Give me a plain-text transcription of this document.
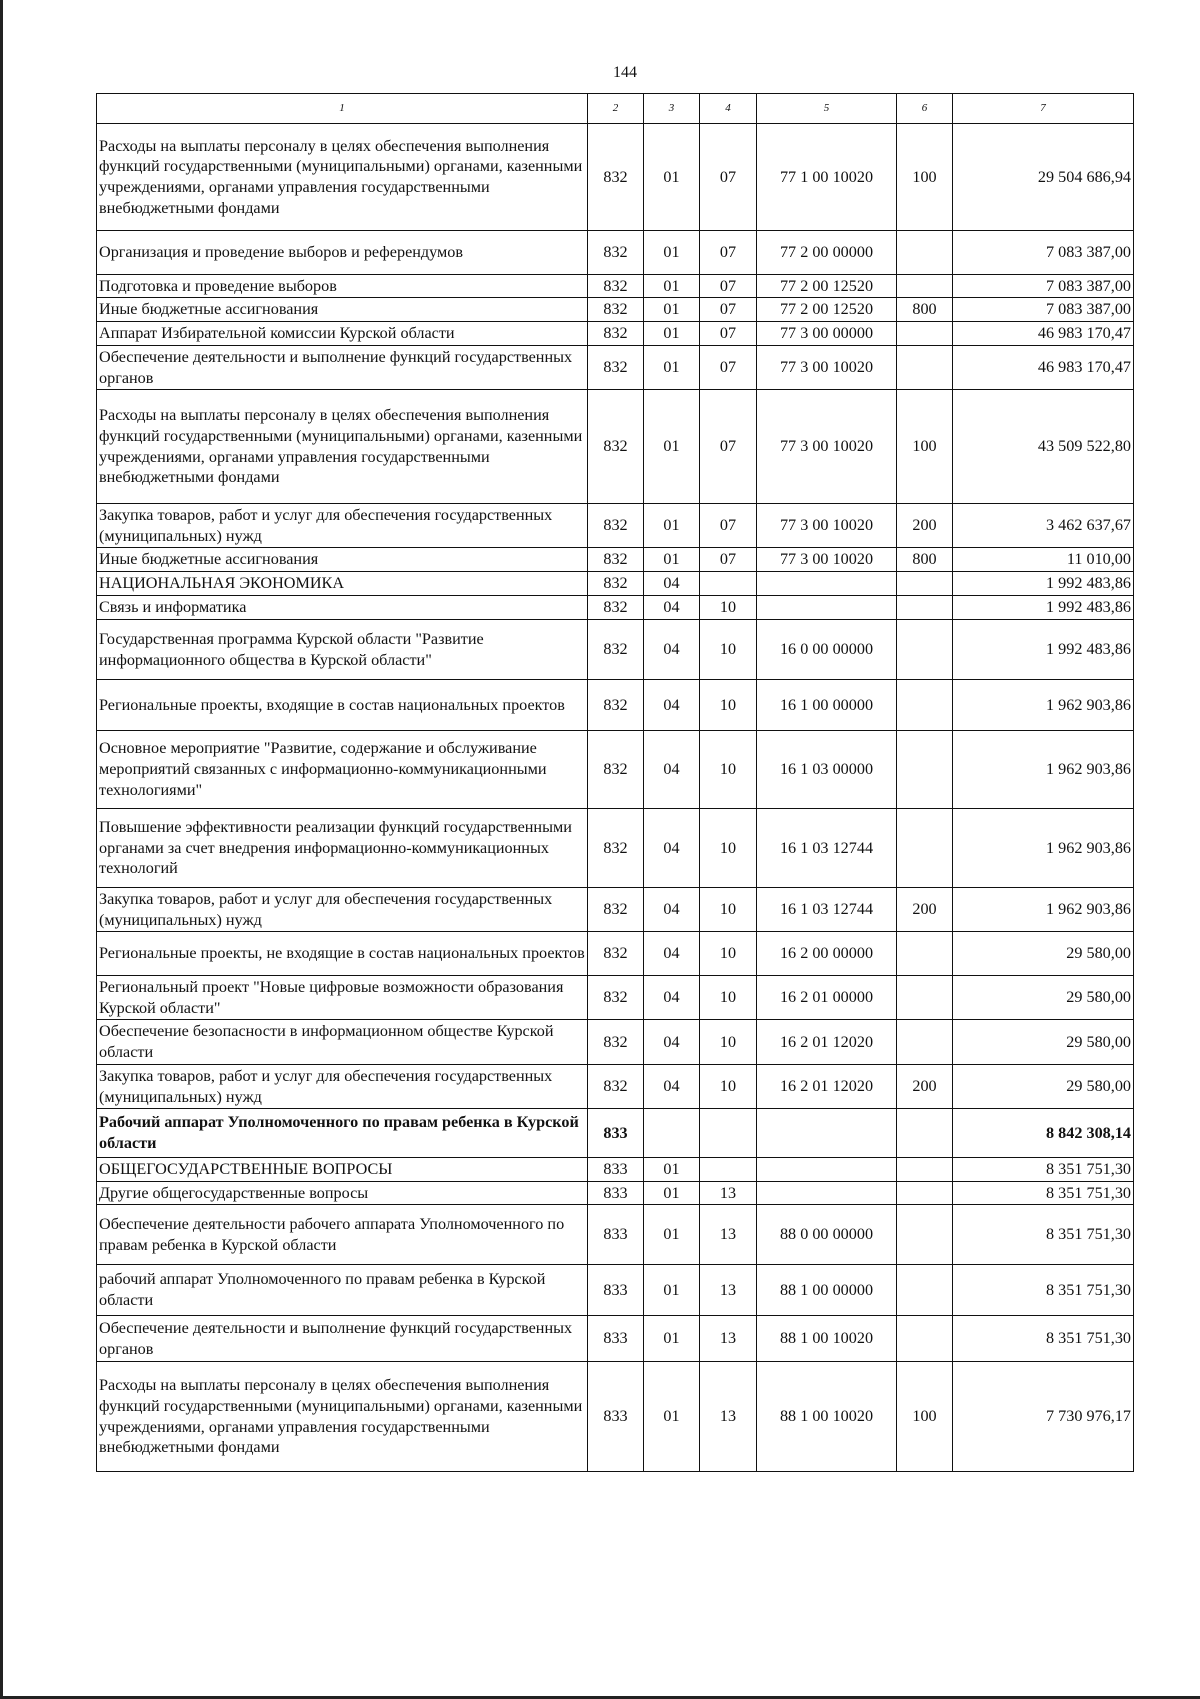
144
1	2	3	4	5	6	7
Расходы на выплаты персоналу в целях обеспечения выполнения функций государственными (муниципальными) органами, казенными учреждениями, органами управления государственными внебюджетными фондами	832	01	07	77 1 00 10020	100	29 504 686,94
Организация и проведение выборов и референдумов	832	01	07	77 2 00 00000		7 083 387,00
Подготовка и проведение выборов	832	01	07	77 2 00 12520		7 083 387,00
Иные бюджетные ассигнования	832	01	07	77 2 00 12520	800	7 083 387,00
Аппарат Избирательной комиссии Курской области	832	01	07	77 3 00 00000		46 983 170,47
Обеспечение деятельности и выполнение функций государственных органов	832	01	07	77 3 00 10020		46 983 170,47
Расходы на выплаты персоналу в целях обеспечения выполнения функций государственными (муниципальными) органами, казенными учреждениями, органами управления государственными внебюджетными фондами	832	01	07	77 3 00 10020	100	43 509 522,80
Закупка товаров, работ и услуг для обеспечения государственных (муниципальных) нужд	832	01	07	77 3 00 10020	200	3 462 637,67
Иные бюджетные ассигнования	832	01	07	77 3 00 10020	800	11 010,00
НАЦИОНАЛЬНАЯ ЭКОНОМИКА	832	04				1 992 483,86
Связь и информатика	832	04	10			1 992 483,86
Государственная программа Курской области "Развитие информационного общества в Курской области"	832	04	10	16 0 00 00000		1 992 483,86
Региональные проекты, входящие в состав национальных проектов	832	04	10	16 1 00 00000		1 962 903,86
Основное мероприятие "Развитие, содержание и обслуживание мероприятий связанных с информационно-коммуникационными технологиями"	832	04	10	16 1 03 00000		1 962 903,86
Повышение эффективности реализации функций государственными органами за счет внедрения информационно-коммуникационных технологий	832	04	10	16 1 03 12744		1 962 903,86
Закупка товаров, работ и услуг для обеспечения государственных (муниципальных) нужд	832	04	10	16 1 03 12744	200	1 962 903,86
Региональные проекты, не входящие в состав национальных проектов	832	04	10	16 2 00 00000		29 580,00
Региональный проект "Новые цифровые возможности образования Курской области"	832	04	10	16 2 01 00000		29 580,00
Обеспечение безопасности в информационном обществе Курской области	832	04	10	16 2 01 12020		29 580,00
Закупка товаров, работ и услуг для обеспечения государственных (муниципальных) нужд	832	04	10	16 2 01 12020	200	29 580,00
Рабочий аппарат Уполномоченного по правам ребенка в Курской области	833					8 842 308,14
ОБЩЕГОСУДАРСТВЕННЫЕ ВОПРОСЫ	833	01				8 351 751,30
Другие общегосударственные вопросы	833	01	13			8 351 751,30
Обеспечение деятельности рабочего аппарата Уполномоченного по правам ребенка в Курской области	833	01	13	88 0 00 00000		8 351 751,30
рабочий аппарат Уполномоченного по правам ребенка в Курской области	833	01	13	88 1 00 00000		8 351 751,30
Обеспечение деятельности и выполнение функций государственных органов	833	01	13	88 1 00 10020		8 351 751,30
Расходы на выплаты персоналу в целях обеспечения выполнения функций государственными (муниципальными) органами, казенными учреждениями, органами управления государственными внебюджетными фондами	833	01	13	88 1 00 10020	100	7 730 976,17
